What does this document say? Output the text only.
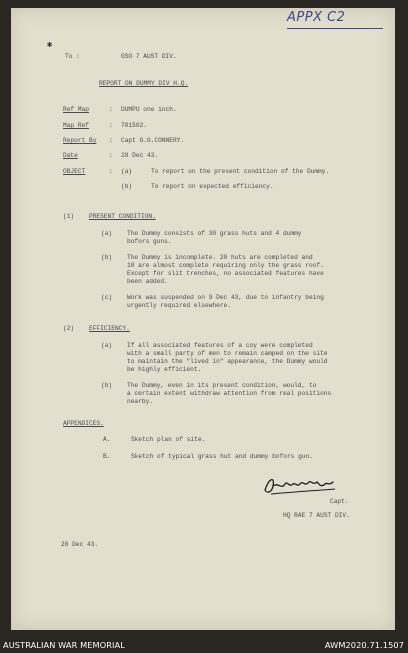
APPX C2
✱
To :	GSO 7 AUST DIV.
REPORT ON DUMMY DIV H.Q.
Ref Map	: DUMPU one inch.
Map Ref	: 701502.
Report By : Capt G.G.CONNERY.
Date	: 28 Dec 43.
OBJECT	: (a)	To report on the present condition of the Dummy.
(b)	To report on expected efficiency.
(1) PRESENT CONDITION.
(a) The Dummy consists of 30 grass huts and 4 dummy
bofors guns.
(b) The Dummy is incomplete. 20 huts are completed and
10 are almost complete requiring only the grass roof.
Except for slit trenches, no associated features have
been added.
(c) Work was suspended on 9 Dec 43, due to infantry being
urgently required elsewhere.
(2) EFFICIENCY.
(a) If all associated features of a coy were completed
with a small party of men to remain camped on the site
to maintain the "lived in" appearance, the Dummy would
be highly efficient.
(b) The Dummy, even in its present condition, would, to
a certain extent withdraw attention from real positions
nearby.
APPENDICES.
A.	Sketch plan of site.
B.	Sketch of typical grass hut and dummy bofors gun.
Capt.
HQ RAE 7 AUST DIV.
28 Dec 43.
AUSTRALIAN WAR MEMORIAL	AWM2020.71.1507
